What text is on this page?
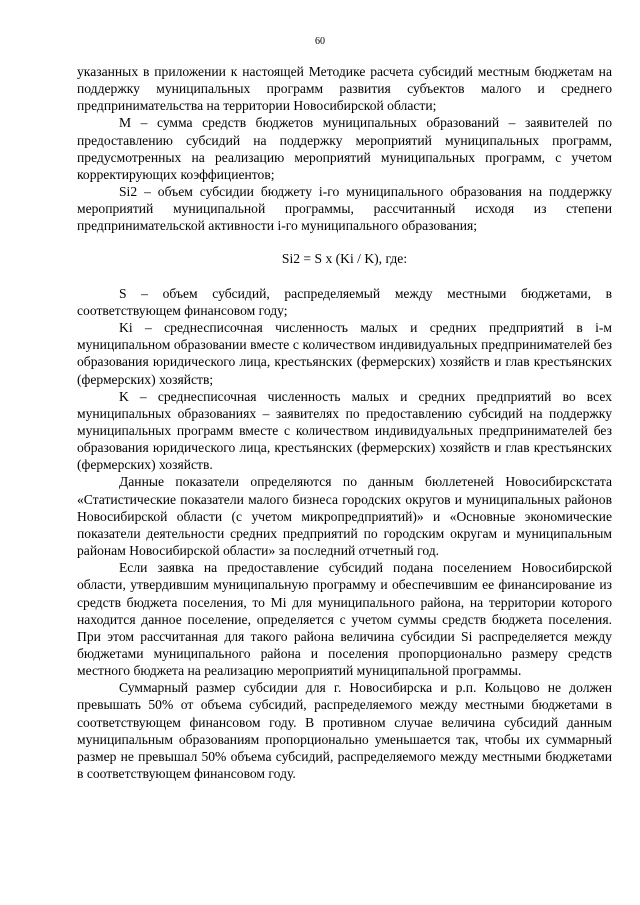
60

указанных в приложении к настоящей Методике расчета субсидий местным бюджетам на поддержку муниципальных программ развития субъектов малого и среднего предпринимательства на территории Новосибирской области;

M – сумма средств бюджетов муниципальных образований – заявителей по предоставлению субсидий на поддержку мероприятий муниципальных программ, предусмотренных на реализацию мероприятий муниципальных программ, с учетом корректирующих коэффициентов;

Si2 – объем субсидии бюджету i-го муниципального образования на поддержку мероприятий муниципальной программы, рассчитанный исходя из степени предпринимательской активности i-го муниципального образования;

Si2 = S x (Ki / K), где:

S – объем субсидий, распределяемый между местными бюджетами, в соответствующем финансовом году;

Ki – среднесписочная численность малых и средних предприятий в i-м муниципальном образовании вместе с количеством индивидуальных предпринимателей без образования юридического лица, крестьянских (фермерских) хозяйств и глав крестьянских (фермерских) хозяйств;

K – среднесписочная численность малых и средних предприятий во всех муниципальных образованиях – заявителях по предоставлению субсидий на поддержку муниципальных программ вместе с количеством индивидуальных предпринимателей без образования юридического лица, крестьянских (фермерских) хозяйств и глав крестьянских (фермерских) хозяйств.

Данные показатели определяются по данным бюллетеней Новосибирскстата «Статистические показатели малого бизнеса городских округов и муниципальных районов Новосибирской области (с учетом микропредприятий)» и «Основные экономические показатели деятельности средних предприятий по городским округам и муниципальным районам Новосибирской области» за последний отчетный год.

Если заявка на предоставление субсидий подана поселением Новосибирской области, утвердившим муниципальную программу и обеспечившим ее финансирование из средств бюджета поселения, то Mi для муниципального района, на территории которого находится данное поселение, определяется с учетом суммы средств бюджета поселения. При этом рассчитанная для такого района величина субсидии Si распределяется между бюджетами муниципального района и поселения пропорционально размеру средств местного бюджета на реализацию мероприятий муниципальной программы.

Суммарный размер субсидии для г. Новосибирска и р.п. Кольцово не должен превышать 50% от объема субсидий, распределяемого между местными бюджетами в соответствующем финансовом году. В противном случае величина субсидий данным муниципальным образованиям пропорционально уменьшается так, чтобы их суммарный размер не превышал 50% объема субсидий, распределяемого между местными бюджетами в соответствующем финансовом году.
